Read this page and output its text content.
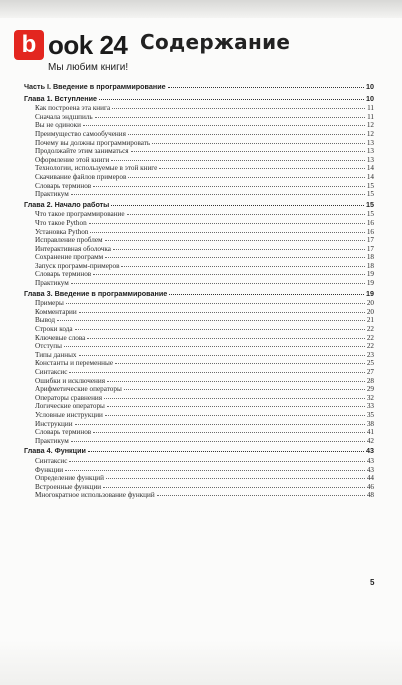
b ook 24
Мы любим книги!
Содержание
Часть I. Введение в программирование	10
Глава 1. Вступление	10
Как построена эта книга	11
Сначала эндшпиль	11
Вы не одиноки	12
Преимущество самообучения	12
Почему вы должны программировать	13
Продолжайте этим заниматься	13
Оформление этой книги	13
Технологии, используемые в этой книге	14
Скачивание файлов примеров	14
Словарь терминов	15
Практикум	15
Глава 2. Начало работы	15
Что такое программирование	15
Что такое Python	16
Установка Python	16
Исправление проблем	17
Интерактивная оболочка	17
Сохранение программ	18
Запуск программ-примеров	18
Словарь терминов	19
Практикум	19
Глава 3. Введение в программирование	19
Примеры	20
Комментарии	20
Вывод	21
Строки кода	22
Ключевые слова	22
Отступы	22
Типы данных	23
Константы и переменные	25
Синтаксис	27
Ошибки и исключения	28
Арифметические операторы	29
Операторы сравнения	32
Логические операторы	33
Условные инструкции	35
Инструкции	38
Словарь терминов	41
Практикум	42
Глава 4. Функции	43
Синтаксис	43
Функции	43
Определение функций	44
Встроенные функции	46
Многократное использование функций	48
5
